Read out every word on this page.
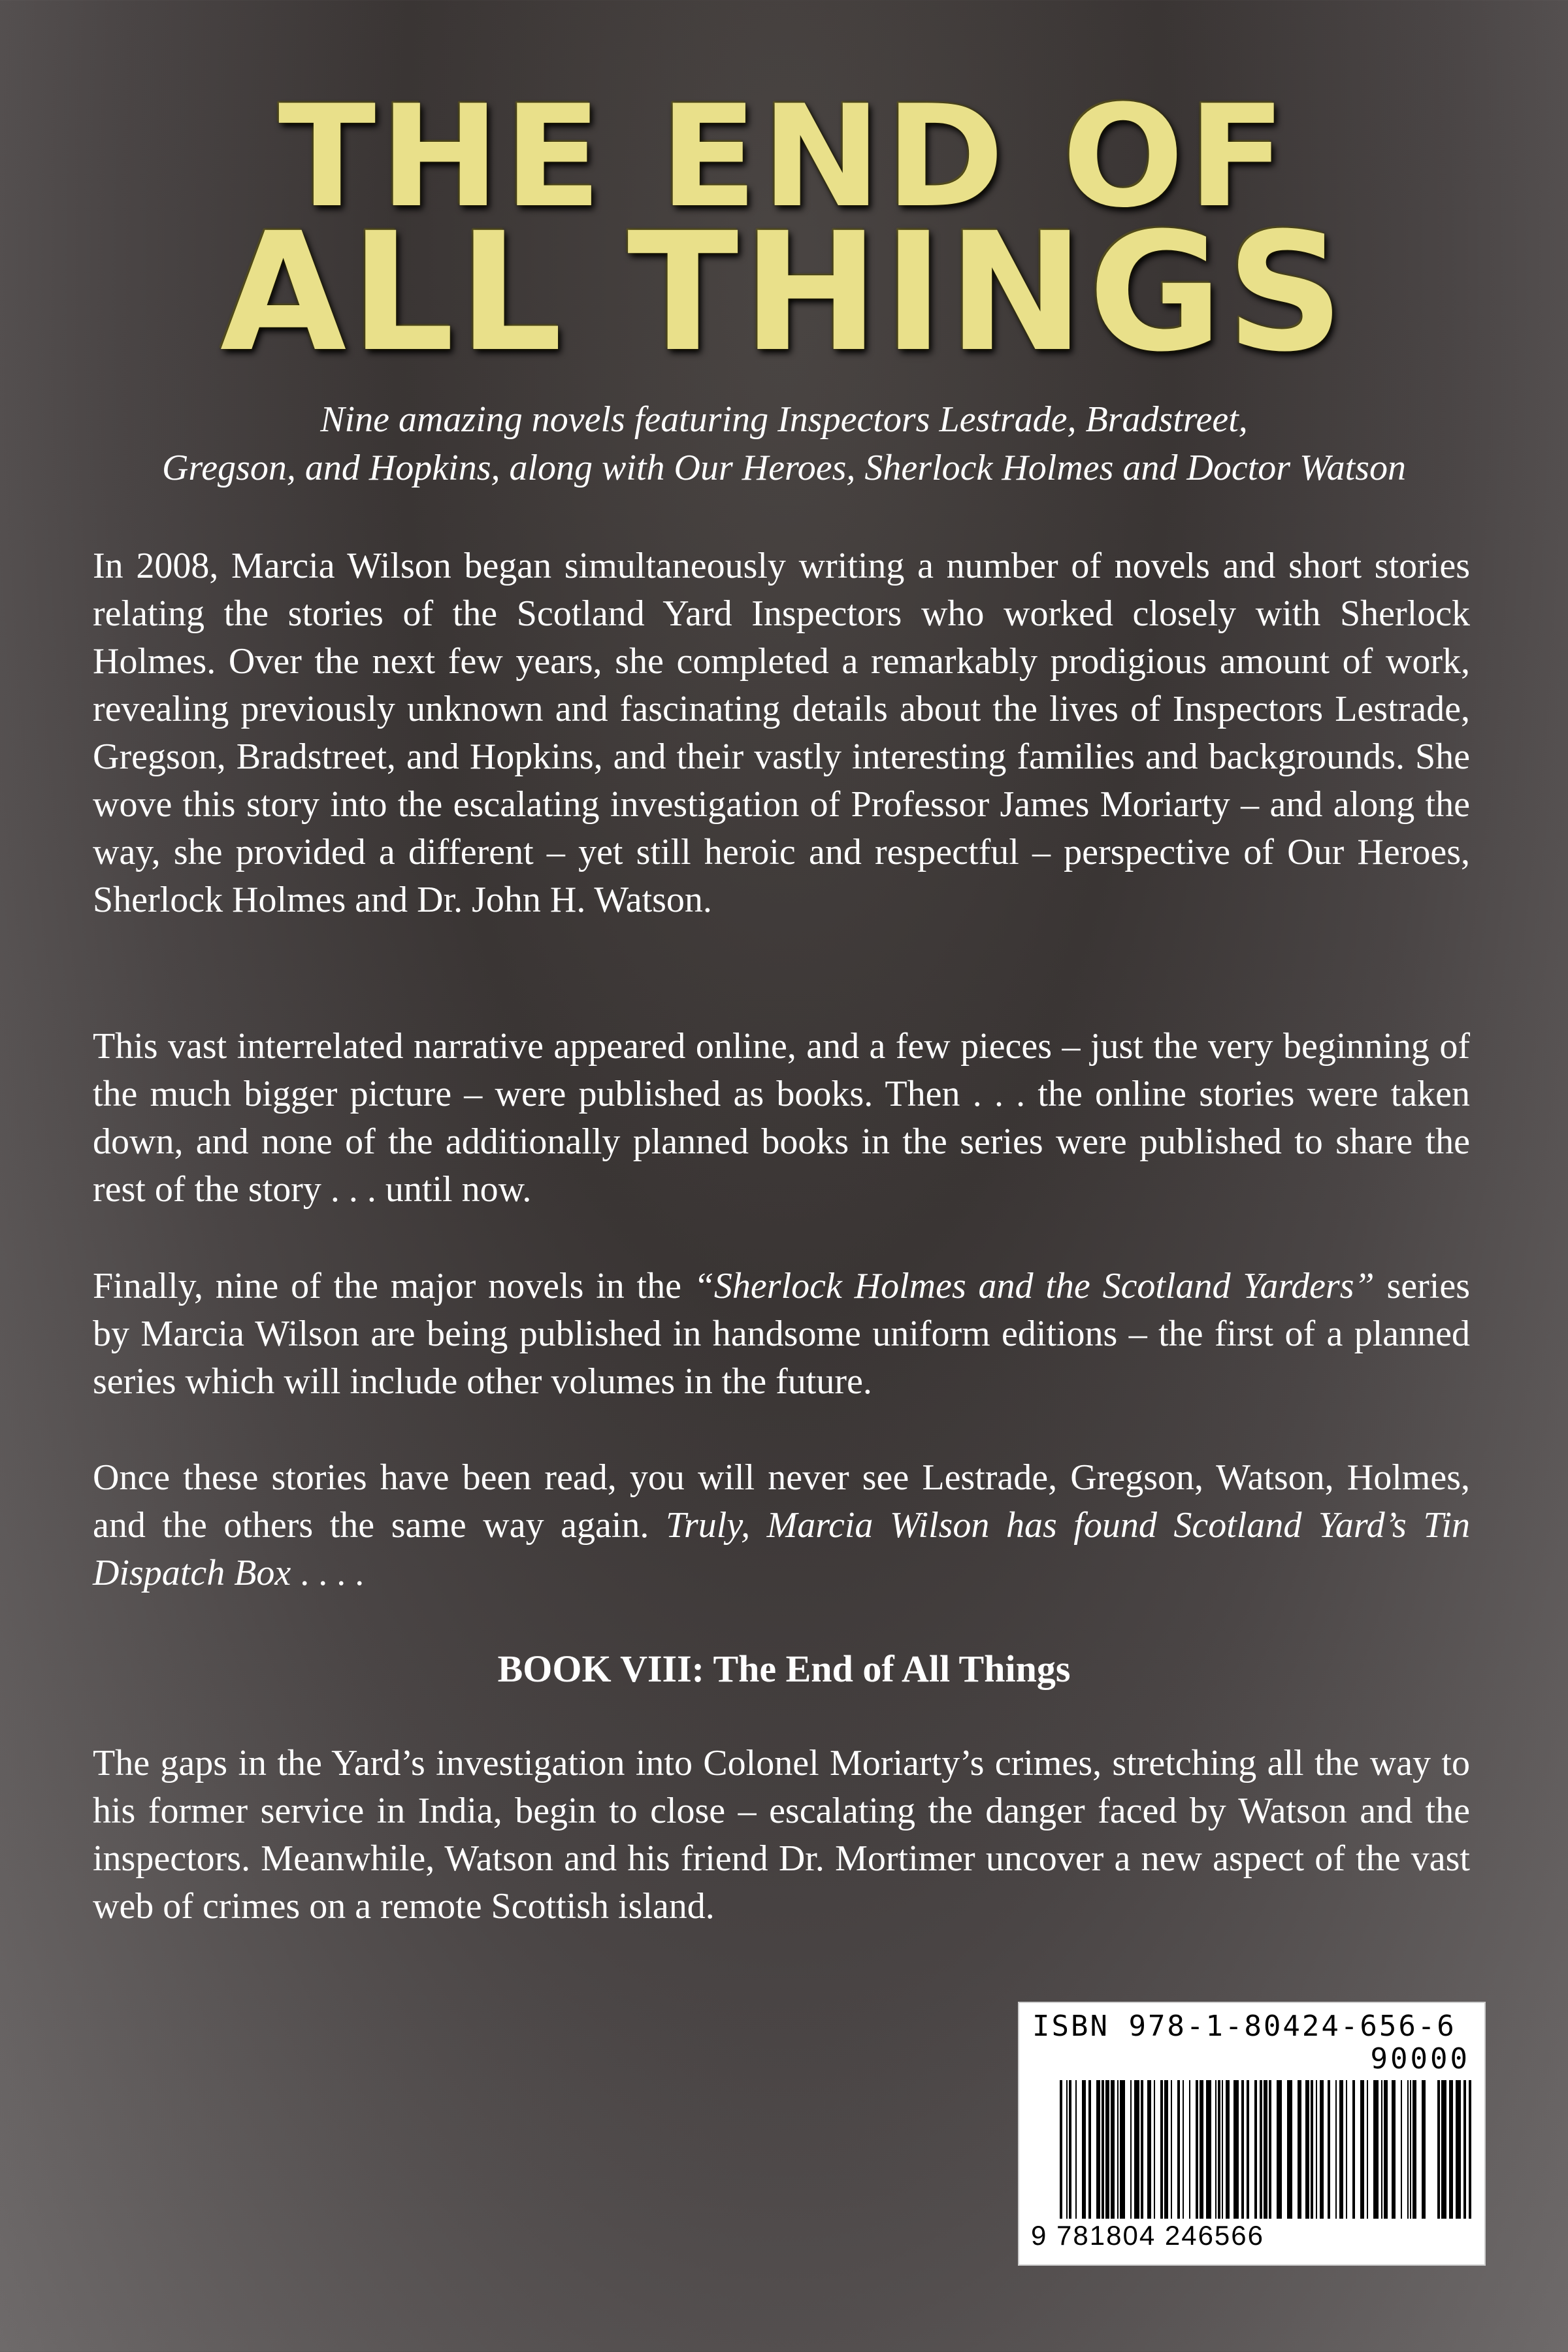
THE END OF
ALL THINGS
Nine amazing novels featuring Inspectors Lestrade, Bradstreet,
Gregson, and Hopkins, along with Our Heroes, Sherlock Holmes and Doctor Watson

In 2008, Marcia Wilson began simultaneously writing a number of novels and short stories relating the stories of the Scotland Yard Inspectors who worked closely with Sherlock Holmes. Over the next few years, she completed a remarkably prodigious amount of work, revealing previously unknown and fascinating details about the lives of Inspectors Lestrade, Gregson, Bradstreet, and Hopkins, and their vastly interesting families and backgrounds. She wove this story into the escalating investigation of Professor James Moriarty – and along the way, she provided a different – yet still heroic and respectful – perspective of Our Heroes, Sherlock Holmes and Dr. John H. Watson.

This vast interrelated narrative appeared online, and a few pieces – just the very beginning of the much bigger picture – were published as books. Then . . . the online stories were taken down, and none of the additionally planned books in the series were published to share the rest of the story . . . until now.

Finally, nine of the major novels in the “Sherlock Holmes and the Scotland Yarders” series by Marcia Wilson are being published in handsome uniform editions – the first of a planned series which will include other volumes in the future.

Once these stories have been read, you will never see Lestrade, Gregson, Watson, Holmes, and the others the same way again. Truly, Marcia Wilson has found Scotland Yard’s Tin Dispatch Box . . . .

BOOK VIII: The End of All Things

The gaps in the Yard’s investigation into Colonel Moriarty’s crimes, stretching all the way to his former service in India, begin to close – escalating the danger faced by Watson and the inspectors. Meanwhile, Watson and his friend Dr. Mortimer uncover a new aspect of the vast web of crimes on a remote Scottish island.

ISBN 978-1-80424-656-6
90000
9 781804 246566
